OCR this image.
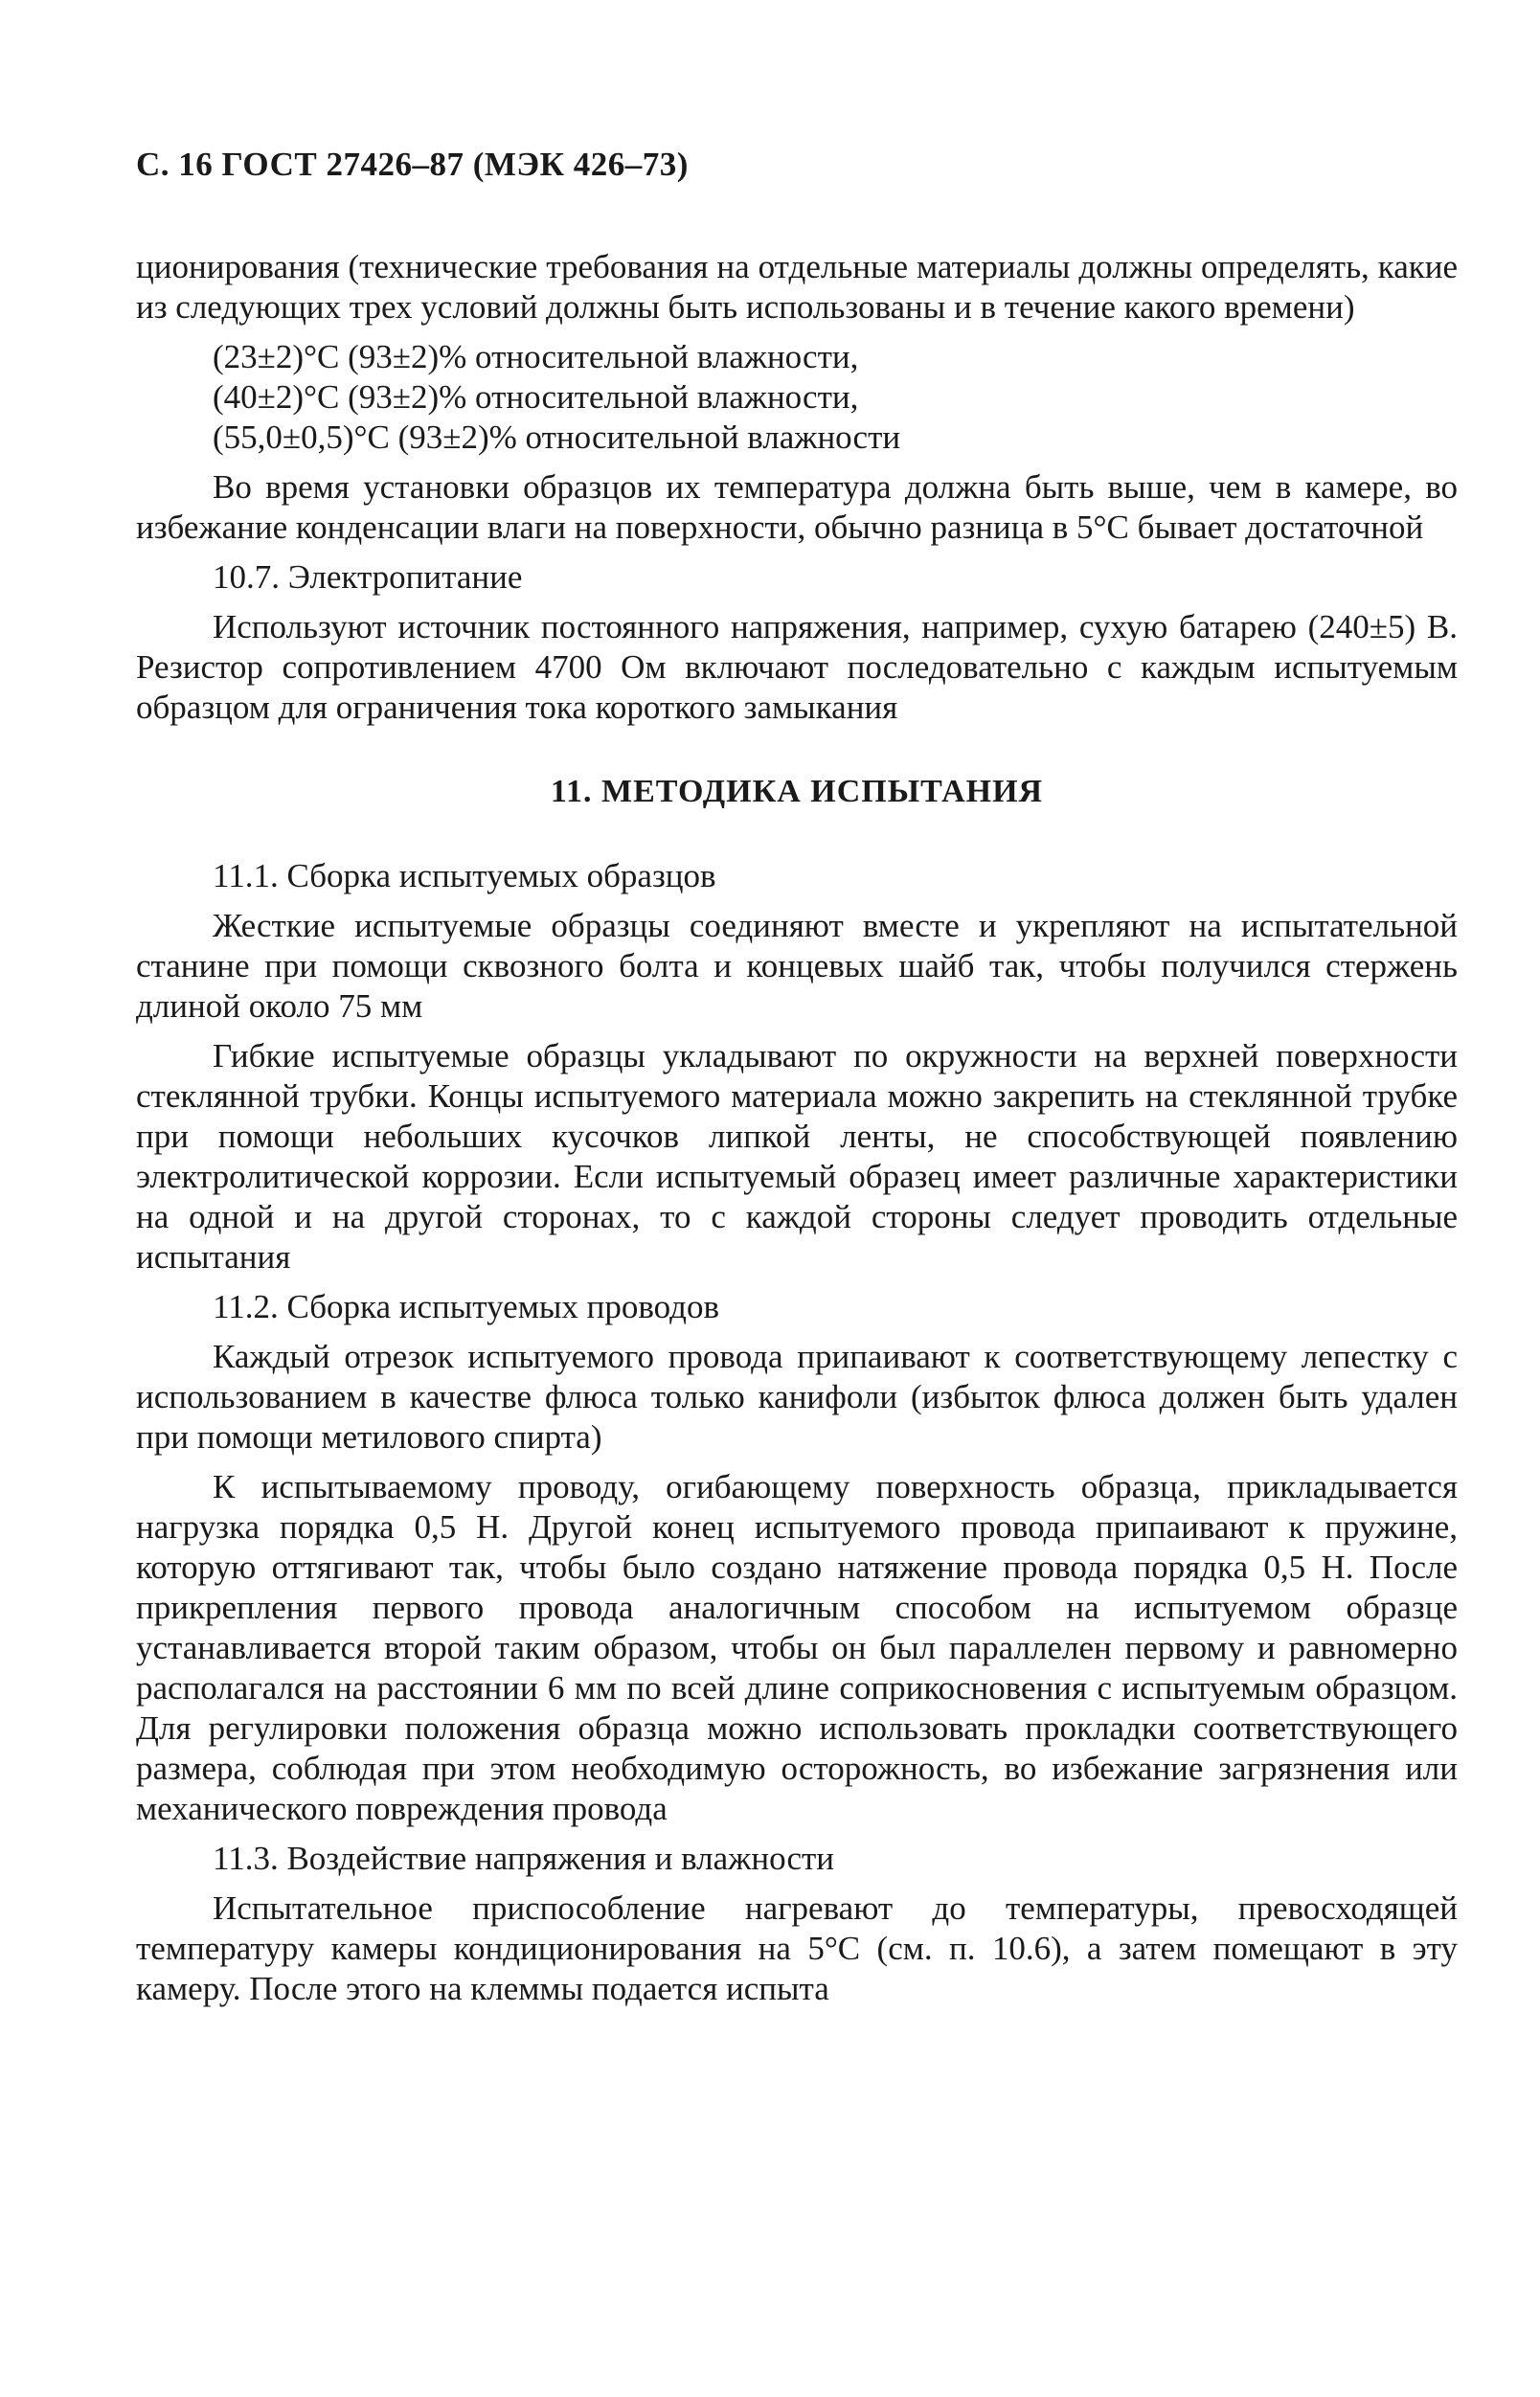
С. 16 ГОСТ 27426–87 (МЭК 426–73)

ционирования (технические требования на отдельные материалы должны определять, какие из следующих трех условий должны быть использованы и в течение какого времени)

(23±2)°С (93±2)% относительной влажности,
(40±2)°С (93±2)% относительной влажности,
(55,0±0,5)°С (93±2)% относительной влажности

Во время установки образцов их температура должна быть выше, чем в камере, во избежание конденсации влаги на поверхности, обычно разница в 5°С бывает достаточной

10.7. Электропитание

Используют источник постоянного напряжения, например, сухую батарею (240±5) В. Резистор сопротивлением 4700 Ом включают последовательно с каждым испытуемым образцом для ограничения тока короткого замыкания

11. МЕТОДИКА ИСПЫТАНИЯ
11.1. Сборка испытуемых образцов

Жесткие испытуемые образцы соединяют вместе и укрепляют на испытательной станине при помощи сквозного болта и концевых шайб так, чтобы получился стержень длиной около 75 мм

Гибкие испытуемые образцы укладывают по окружности на верхней поверхности стеклянной трубки. Концы испытуемого материала можно закрепить на стеклянной трубке при помощи небольших кусочков липкой ленты, не способствующей появлению электролитической коррозии. Если испытуемый образец имеет различные характеристики на одной и на другой сторонах, то с каждой стороны следует проводить отдельные испытания

11.2. Сборка испытуемых проводов

Каждый отрезок испытуемого провода припаивают к соответствующему лепестку с использованием в качестве флюса только канифоли (избыток флюса должен быть удален при помощи метилового спирта)

К испытываемому проводу, огибающему поверхность образца, прикладывается нагрузка порядка 0,5 Н. Другой конец испытуемого провода припаивают к пружине, которую оттягивают так, чтобы было создано натяжение провода порядка 0,5 Н. После прикрепления первого провода аналогичным способом на испытуемом образце устанавливается второй таким образом, чтобы он был параллелен первому и равномерно располагался на расстоянии 6 мм по всей длине соприкосновения с испытуемым образцом. Для регулировки положения образца можно использовать прокладки соответствующего размера, соблюдая при этом необходимую осторожность, во избежание загрязнения или механического повреждения провода

11.3. Воздействие напряжения и влажности

Испытательное приспособление нагревают до температуры, превосходящей температуру камеры кондиционирования на 5°С (см. п. 10.6), а затем помещают в эту камеру. После этого на клеммы подается испыта
